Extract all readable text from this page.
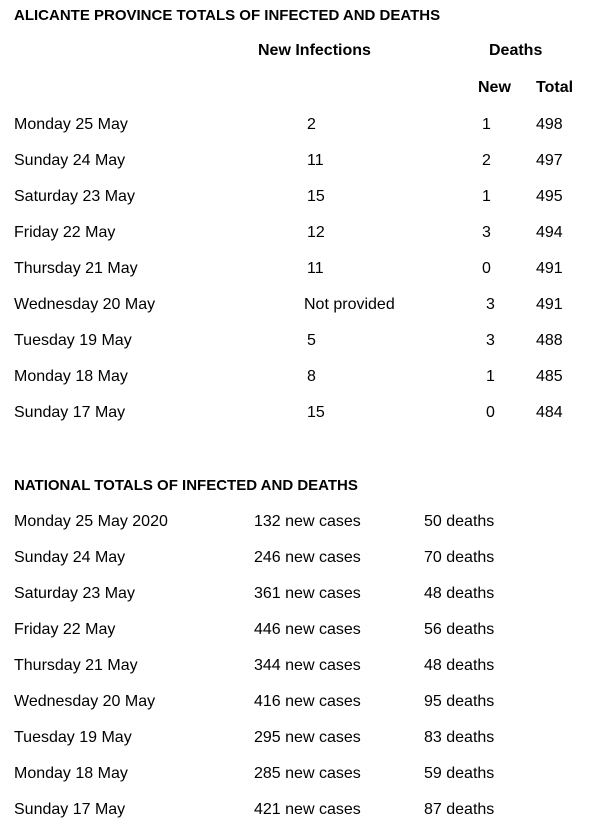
ALICANTE PROVINCE TOTALS OF INFECTED AND DEATHS
New Infections	Deaths
New Total
Monday 25 May	2	1	498
Sunday 24 May	11	2	497
Saturday 23 May	15	1	495
Friday 22 May	12	3	494
Thursday 21 May	11	0	491
Wednesday 20 May	Not provided	3	491
Tuesday 19 May	5	3	488
Monday 18 May	8	1	485
Sunday 17 May	15	0	484
NATIONAL TOTALS OF INFECTED AND DEATHS
Monday 25 May 2020	132 new cases	50 deaths
Sunday 24 May	246 new cases	70 deaths
Saturday 23 May	361 new cases	48 deaths
Friday 22 May	446 new cases	56 deaths
Thursday 21 May	344 new cases	48 deaths
Wednesday 20 May	416 new cases	95 deaths
Tuesday 19 May	295 new cases	83 deaths
Monday 18 May	285 new cases	59 deaths
Sunday 17 May	421 new cases	87 deaths
